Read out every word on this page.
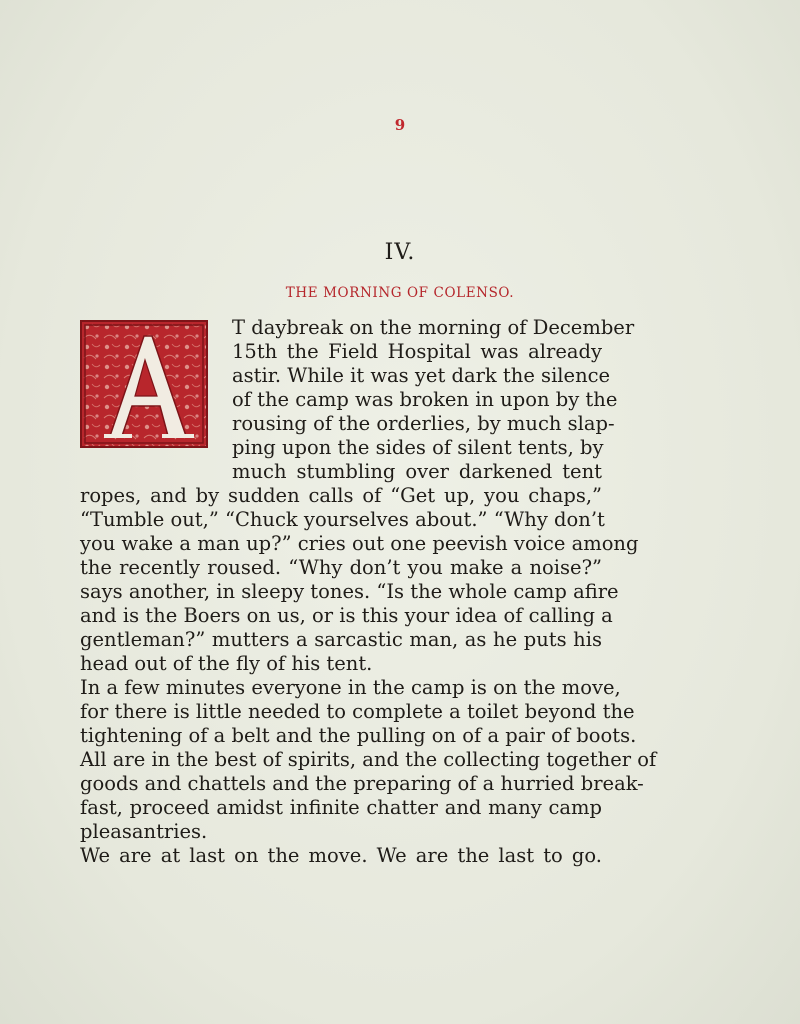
9
IV.
THE MORNING OF COLENSO.
T daybreak on the morning of December
15th the Field Hospital was already
astir. While it was yet dark the silence
of the camp was broken in upon by the
rousing of the orderlies, by much slap-
ping upon the sides of silent tents, by
much stumbling over darkened tent
ropes, and by sudden calls of “Get up, you chaps,”
“Tumble out,” “Chuck yourselves about.” “Why don’t
you wake a man up?” cries out one peevish voice among
the recently roused. “Why don’t you make a noise?”
says another, in sleepy tones. “Is the whole camp afire
and is the Boers on us, or is this your idea of calling a
gentleman?” mutters a sarcastic man, as he puts his
head out of the fly of his tent.
In a few minutes everyone in the camp is on the move,
for there is little needed to complete a toilet beyond the
tightening of a belt and the pulling on of a pair of boots.
All are in the best of spirits, and the collecting together of
goods and chattels and the preparing of a hurried break-
fast, proceed amidst infinite chatter and many camp
pleasantries.
We are at last on the move. We are the last to go.
